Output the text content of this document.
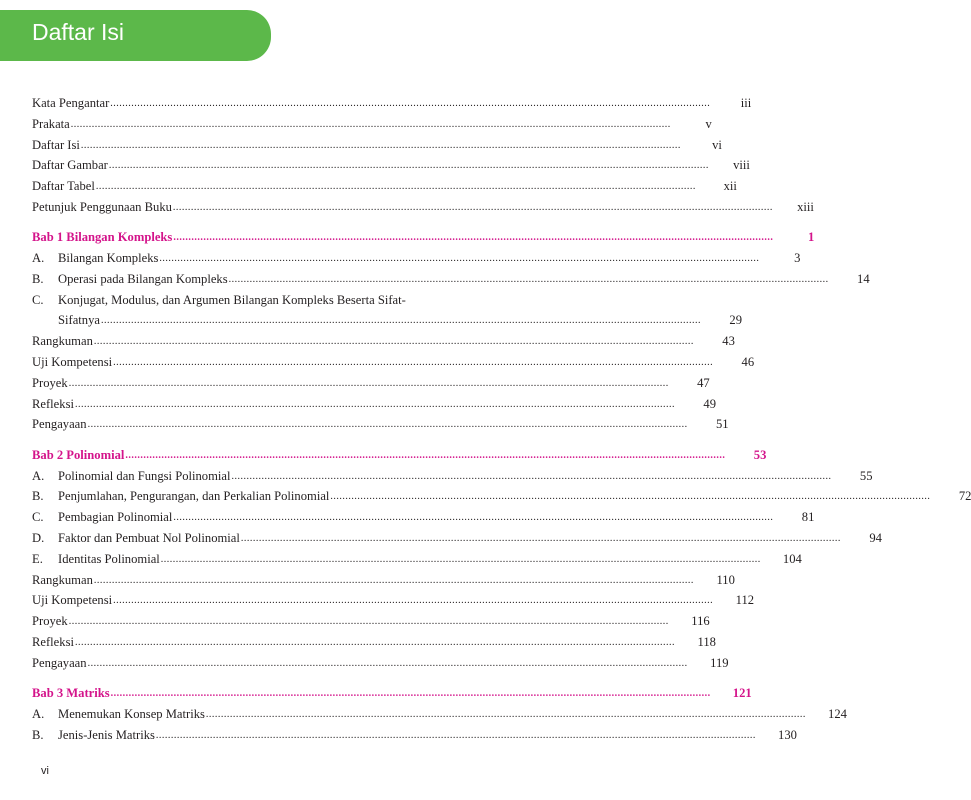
Daftar Isi
Kata Pengantar ........................................................................................................................................................................................................	iii
Prakata ........................................................................................................................................................................................................	v
Daftar Isi ........................................................................................................................................................................................................	vi
Daftar Gambar ........................................................................................................................................................................................................	viii
Daftar Tabel ........................................................................................................................................................................................................	xii
Petunjuk Penggunaan Buku ........................................................................................................................................................................................................	xiii
Bab 1 Bilangan Kompleks ........................................................................................................................................................................................................	1
A.	Bilangan Kompleks ........................................................................................................................................................................................................	3
B.	Operasi pada Bilangan Kompleks ........................................................................................................................................................................................................	14
C. Konjugat, Modulus, dan Argumen Bilangan Kompleks Beserta Sifat-
Sifatnya ........................................................................................................................................................................................................	29
Rangkuman ........................................................................................................................................................................................................	43
Uji Kompetensi ........................................................................................................................................................................................................	46
Proyek ........................................................................................................................................................................................................	47
Refleksi ........................................................................................................................................................................................................	49
Pengayaan ........................................................................................................................................................................................................	51
Bab 2 Polinomial ........................................................................................................................................................................................................	53
A.	Polinomial dan Fungsi Polinomial ........................................................................................................................................................................................................	55
B.	Penjumlahan, Pengurangan, dan Perkalian Polinomial ........................................................................................................................................................................................................	72
C.	Pembagian Polinomial ........................................................................................................................................................................................................	81
D.	Faktor dan Pembuat Nol Polinomial ........................................................................................................................................................................................................	94
E.	Identitas Polinomial ........................................................................................................................................................................................................ 104
Rangkuman ........................................................................................................................................................................................................ 110
Uji Kompetensi ........................................................................................................................................................................................................ 112
Proyek ........................................................................................................................................................................................................ 116
Refleksi ........................................................................................................................................................................................................ 118
Pengayaan ........................................................................................................................................................................................................ 119
Bab 3 Matriks ........................................................................................................................................................................................................ 121
A.	Menemukan Konsep Matriks ........................................................................................................................................................................................................ 124
B.	Jenis-Jenis Matriks ........................................................................................................................................................................................................ 130
vi
